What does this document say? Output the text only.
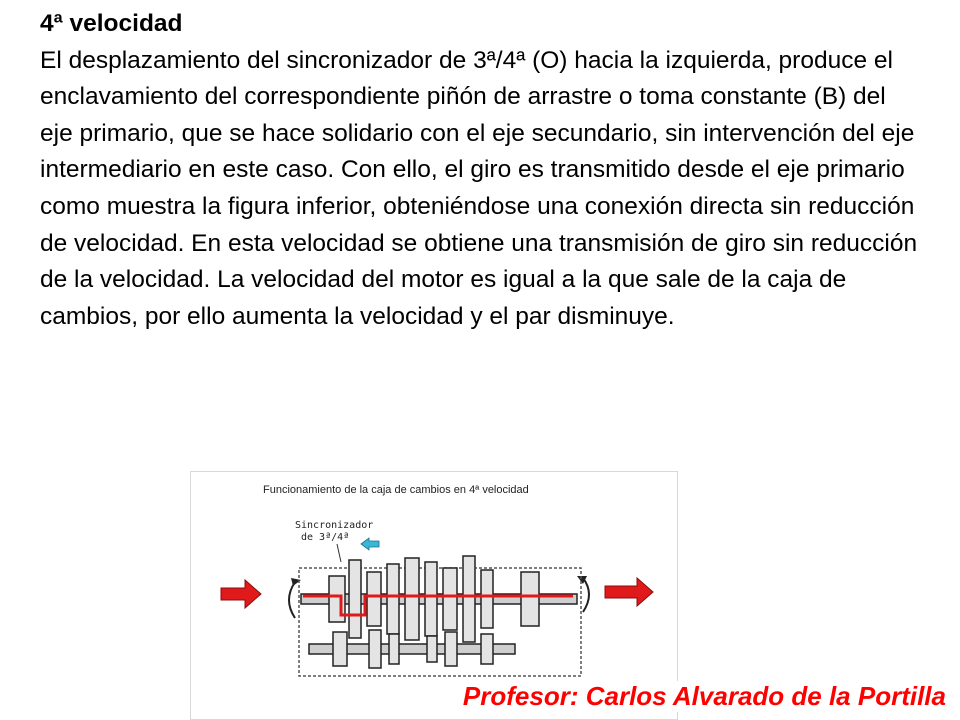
4ª velocidad

El desplazamiento del sincronizador de 3ª/4ª (O) hacia la izquierda, produce el enclavamiento del correspondiente piñón de arrastre o toma constante (B) del eje primario, que se hace solidario con el eje secundario, sin intervención del eje intermediario en este caso. Con ello, el giro es transmitido desde el eje primario como muestra la figura inferior, obteniéndose una conexión directa sin reducción de velocidad. En esta velocidad se obtiene una transmisión de giro sin reducción de la velocidad. La velocidad del motor es igual a la que sale de la caja de cambios, por ello aumenta la velocidad y el par disminuye.

Funcionamiento de la caja de cambios en 4ª velocidad
Sincronizador
de 3ª/4ª
Profesor: Carlos Alvarado de la Portilla
